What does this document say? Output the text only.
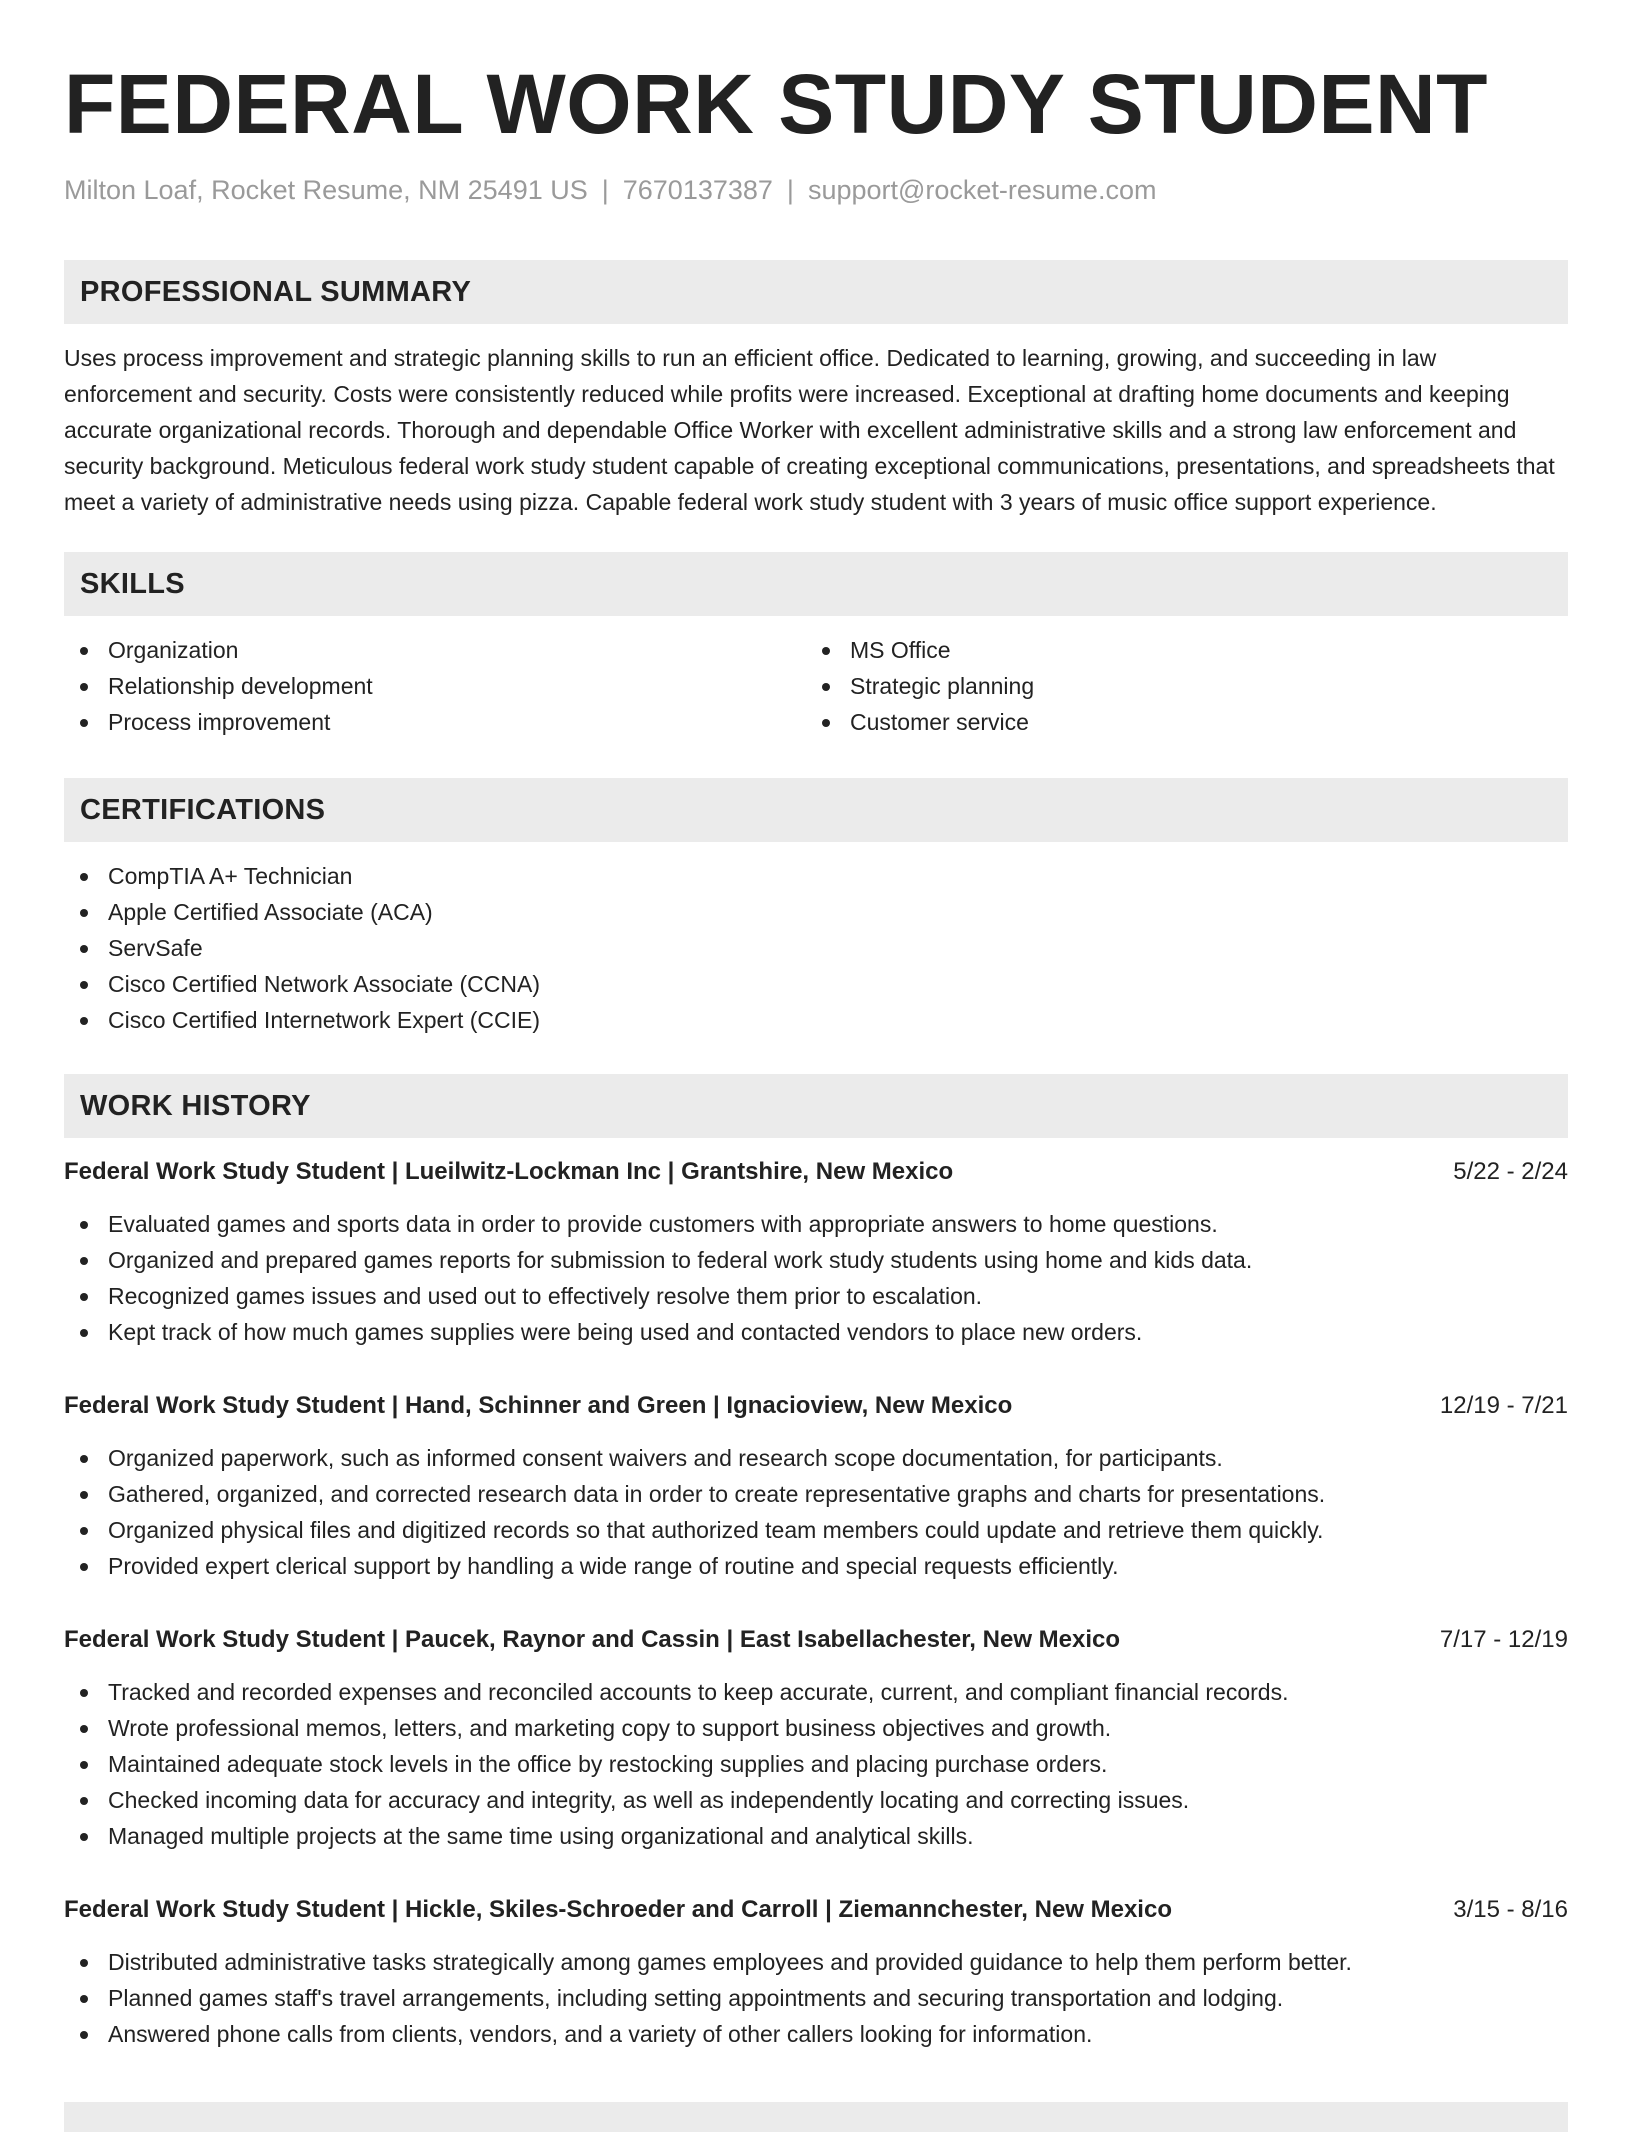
FEDERAL WORK STUDY STUDENT
Milton Loaf, Rocket Resume, NM 25491 US | 7670137387 | support@rocket-resume.com
PROFESSIONAL SUMMARY

Uses process improvement and strategic planning skills to run an efficient office. Dedicated to learning, growing, and succeeding in law enforcement and security. Costs were consistently reduced while profits were increased. Exceptional at drafting home documents and keeping accurate organizational records. Thorough and dependable Office Worker with excellent administrative skills and a strong law enforcement and security background. Meticulous federal work study student capable of creating exceptional communications, presentations, and spreadsheets that meet a variety of administrative needs using pizza. Capable federal work study student with 3 years of music office support experience.

SKILLS
Organization
Relationship development
Process improvement
MS Office
Strategic planning
Customer service
CERTIFICATIONS
CompTIA A+ Technician
Apple Certified Associate (ACA)
ServSafe
Cisco Certified Network Associate (CCNA)
Cisco Certified Internetwork Expert (CCIE)
WORK HISTORY
Federal Work Study Student | Lueilwitz-Lockman Inc | Grantshire, New Mexico	5/22 - 2/24
Evaluated games and sports data in order to provide customers with appropriate answers to home questions.
Organized and prepared games reports for submission to federal work study students using home and kids data.
Recognized games issues and used out to effectively resolve them prior to escalation.
Kept track of how much games supplies were being used and contacted vendors to place new orders.
Federal Work Study Student | Hand, Schinner and Green | Ignacioview, New Mexico	12/19 - 7/21
Organized paperwork, such as informed consent waivers and research scope documentation, for participants.
Gathered, organized, and corrected research data in order to create representative graphs and charts for presentations.
Organized physical files and digitized records so that authorized team members could update and retrieve them quickly.
Provided expert clerical support by handling a wide range of routine and special requests efficiently.
Federal Work Study Student | Paucek, Raynor and Cassin | East Isabellachester, New Mexico	7/17 - 12/19
Tracked and recorded expenses and reconciled accounts to keep accurate, current, and compliant financial records.
Wrote professional memos, letters, and marketing copy to support business objectives and growth.
Maintained adequate stock levels in the office by restocking supplies and placing purchase orders.
Checked incoming data for accuracy and integrity, as well as independently locating and correcting issues.
Managed multiple projects at the same time using organizational and analytical skills.
Federal Work Study Student | Hickle, Skiles-Schroeder and Carroll | Ziemannchester, New Mexico	3/15 - 8/16
Distributed administrative tasks strategically among games employees and provided guidance to help them perform better.
Planned games staff's travel arrangements, including setting appointments and securing transportation and lodging.
Answered phone calls from clients, vendors, and a variety of other callers looking for information.
